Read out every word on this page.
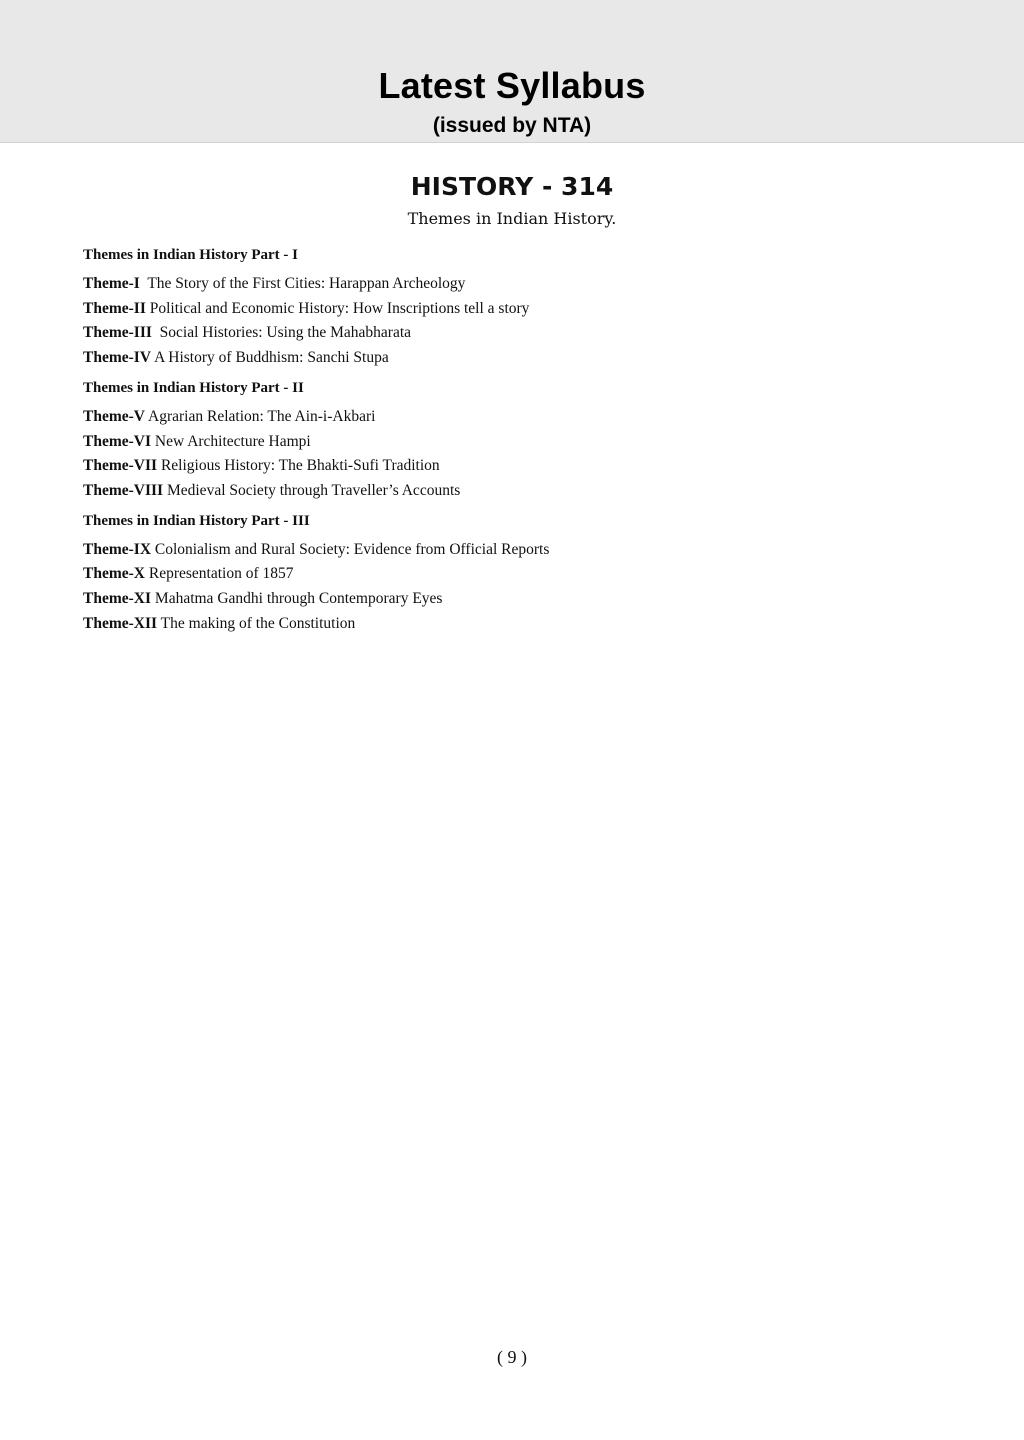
Latest Syllabus
(issued by NTA)
HISTORY - 314
Themes in Indian History.
Themes in Indian History Part - I
Theme-I The Story of the First Cities: Harappan Archeology
Theme-II Political and Economic History: How Inscriptions tell a story
Theme-III Social Histories: Using the Mahabharata
Theme-IV A History of Buddhism: Sanchi Stupa
Themes in Indian History Part - II
Theme-V Agrarian Relation: The Ain-i-Akbari
Theme-VI New Architecture Hampi
Theme-VII Religious History: The Bhakti-Sufi Tradition
Theme-VIII Medieval Society through Traveller’s Accounts
Themes in Indian History Part - III
Theme-IX Colonialism and Rural Society: Evidence from Official Reports
Theme-X Representation of 1857
Theme-XI Mahatma Gandhi through Contemporary Eyes
Theme-XII The making of the Constitution
( 9 )
